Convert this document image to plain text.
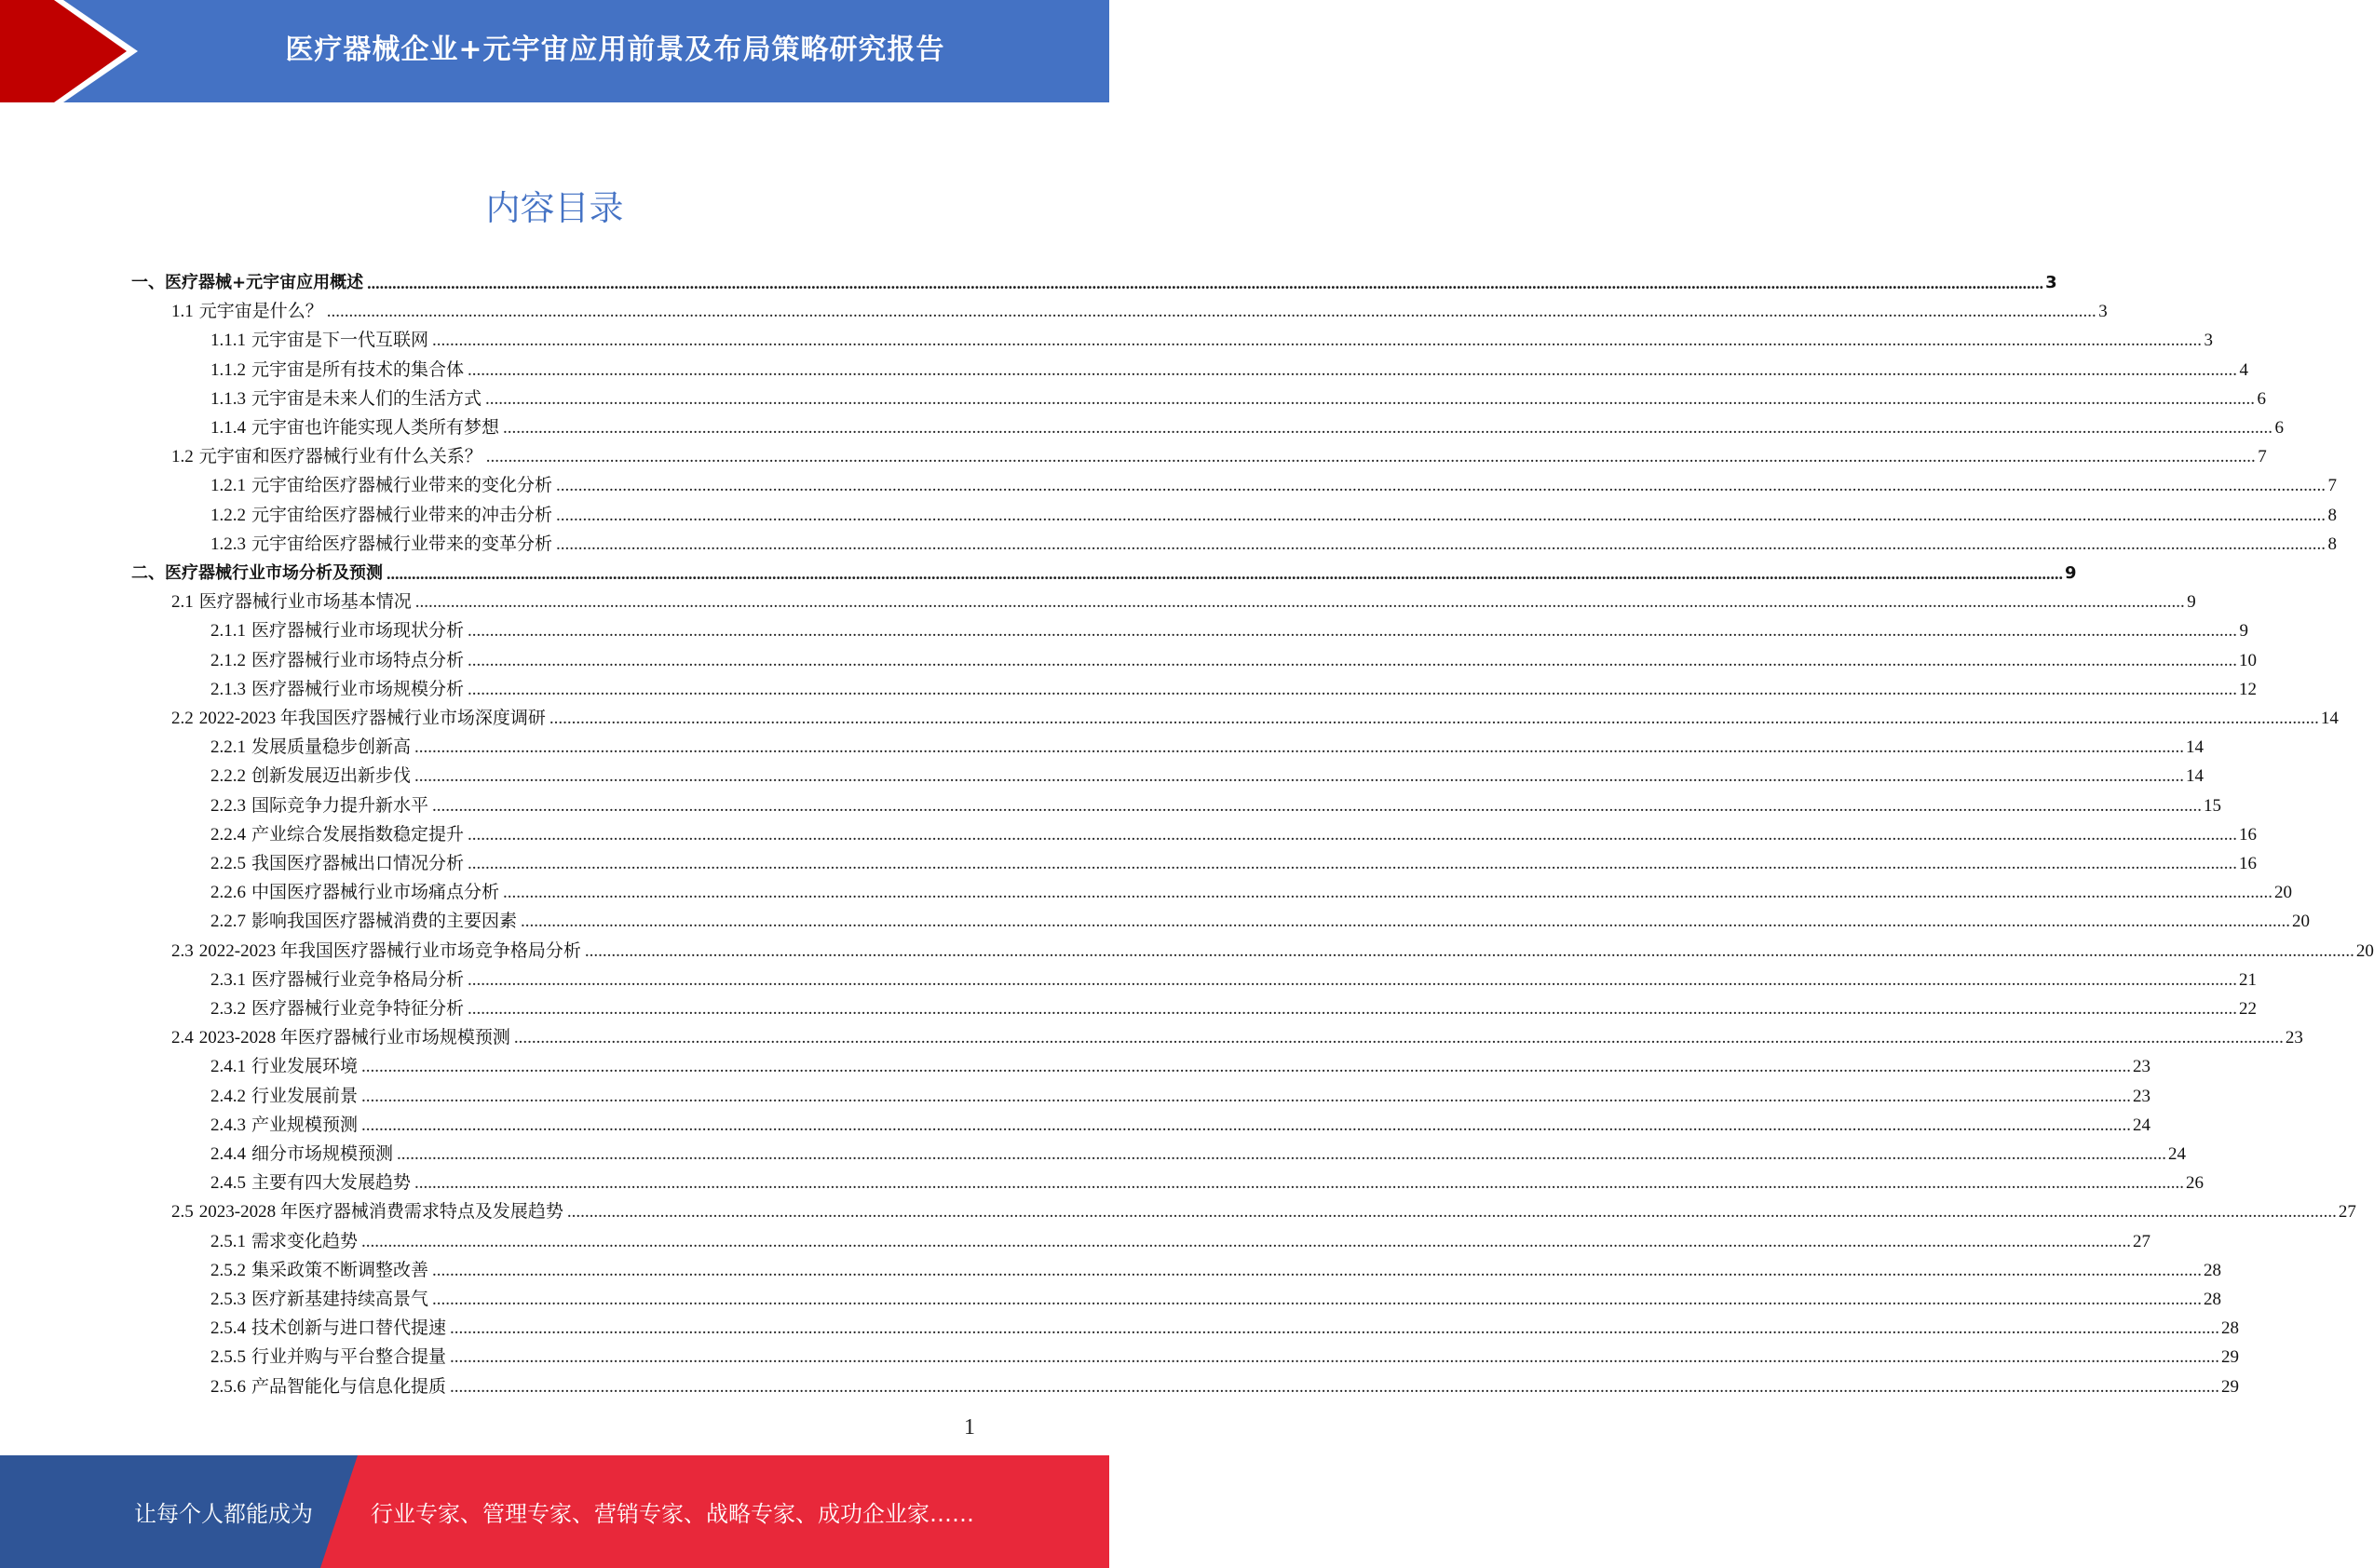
医疗器械企业+元宇宙应用前景及布局策略研究报告
内容目录
一、 医疗器械+元宇宙应用概述 ................................................................................................................................................................................................................................................................................................................................................................................................................ 3
1.1 元宇宙是什么？ ................................................................................................................................................................................................................................................................................................................................................................................................................ 3
1.1.1 元宇宙是下一代互联网 ................................................................................................................................................................................................................................................................................................................................................................................................................ 3
1.1.2 元宇宙是所有技术的集合体 ................................................................................................................................................................................................................................................................................................................................................................................................................ 4
1.1.3 元宇宙是未来人们的生活方式 ................................................................................................................................................................................................................................................................................................................................................................................................................ 6
1.1.4 元宇宙也许能实现人类所有梦想 ................................................................................................................................................................................................................................................................................................................................................................................................................ 6
1.2 元宇宙和医疗器械行业有什么关系？ ................................................................................................................................................................................................................................................................................................................................................................................................................ 7
1.2.1 元宇宙给医疗器械行业带来的变化分析 ................................................................................................................................................................................................................................................................................................................................................................................................................ 7
1.2.2 元宇宙给医疗器械行业带来的冲击分析 ................................................................................................................................................................................................................................................................................................................................................................................................................ 8
1.2.3 元宇宙给医疗器械行业带来的变革分析 ................................................................................................................................................................................................................................................................................................................................................................................................................ 8
二、 医疗器械行业市场分析及预测 ................................................................................................................................................................................................................................................................................................................................................................................................................ 9
2.1 医疗器械行业市场基本情况 ................................................................................................................................................................................................................................................................................................................................................................................................................ 9
2.1.1 医疗器械行业市场现状分析 ................................................................................................................................................................................................................................................................................................................................................................................................................ 9
2.1.2 医疗器械行业市场特点分析 ................................................................................................................................................................................................................................................................................................................................................................................................................ 10
2.1.3 医疗器械行业市场规模分析 ................................................................................................................................................................................................................................................................................................................................................................................................................ 12
2.2 2022-2023 年我国医疗器械行业市场深度调研 ................................................................................................................................................................................................................................................................................................................................................................................................................ 14
2.2.1 发展质量稳步创新高 ................................................................................................................................................................................................................................................................................................................................................................................................................ 14
2.2.2 创新发展迈出新步伐 ................................................................................................................................................................................................................................................................................................................................................................................................................ 14
2.2.3 国际竞争力提升新水平 ................................................................................................................................................................................................................................................................................................................................................................................................................ 15
2.2.4 产业综合发展指数稳定提升 ................................................................................................................................................................................................................................................................................................................................................................................................................ 16
2.2.5 我国医疗器械出口情况分析 ................................................................................................................................................................................................................................................................................................................................................................................................................ 16
2.2.6 中国医疗器械行业市场痛点分析 ................................................................................................................................................................................................................................................................................................................................................................................................................ 20
2.2.7 影响我国医疗器械消费的主要因素 ................................................................................................................................................................................................................................................................................................................................................................................................................ 20
2.3 2022-2023 年我国医疗器械行业市场竞争格局分析 ................................................................................................................................................................................................................................................................................................................................................................................................................ 20
2.3.1 医疗器械行业竞争格局分析 ................................................................................................................................................................................................................................................................................................................................................................................................................ 21
2.3.2 医疗器械行业竞争特征分析 ................................................................................................................................................................................................................................................................................................................................................................................................................ 22
2.4 2023-2028 年医疗器械行业市场规模预测 ................................................................................................................................................................................................................................................................................................................................................................................................................ 23
2.4.1 行业发展环境 ................................................................................................................................................................................................................................................................................................................................................................................................................ 23
2.4.2 行业发展前景 ................................................................................................................................................................................................................................................................................................................................................................................................................ 23
2.4.3 产业规模预测 ................................................................................................................................................................................................................................................................................................................................................................................................................ 24
2.4.4 细分市场规模预测 ................................................................................................................................................................................................................................................................................................................................................................................................................ 24
2.4.5 主要有四大发展趋势 ................................................................................................................................................................................................................................................................................................................................................................................................................ 26
2.5 2023-2028 年医疗器械消费需求特点及发展趋势 ................................................................................................................................................................................................................................................................................................................................................................................................................ 27
2.5.1 需求变化趋势 ................................................................................................................................................................................................................................................................................................................................................................................................................ 27
2.5.2 集采政策不断调整改善 ................................................................................................................................................................................................................................................................................................................................................................................................................ 28
2.5.3 医疗新基建持续高景气 ................................................................................................................................................................................................................................................................................................................................................................................................................ 28
2.5.4 技术创新与进口替代提速 ................................................................................................................................................................................................................................................................................................................................................................................................................ 28
2.5.5 行业并购与平台整合提量 ................................................................................................................................................................................................................................................................................................................................................................................................................ 29
2.5.6 产品智能化与信息化提质 ................................................................................................................................................................................................................................................................................................................................................................................................................ 29
1
让每个人都能成为	行业专家、管理专家、营销专家、战略专家、成功企业家……
